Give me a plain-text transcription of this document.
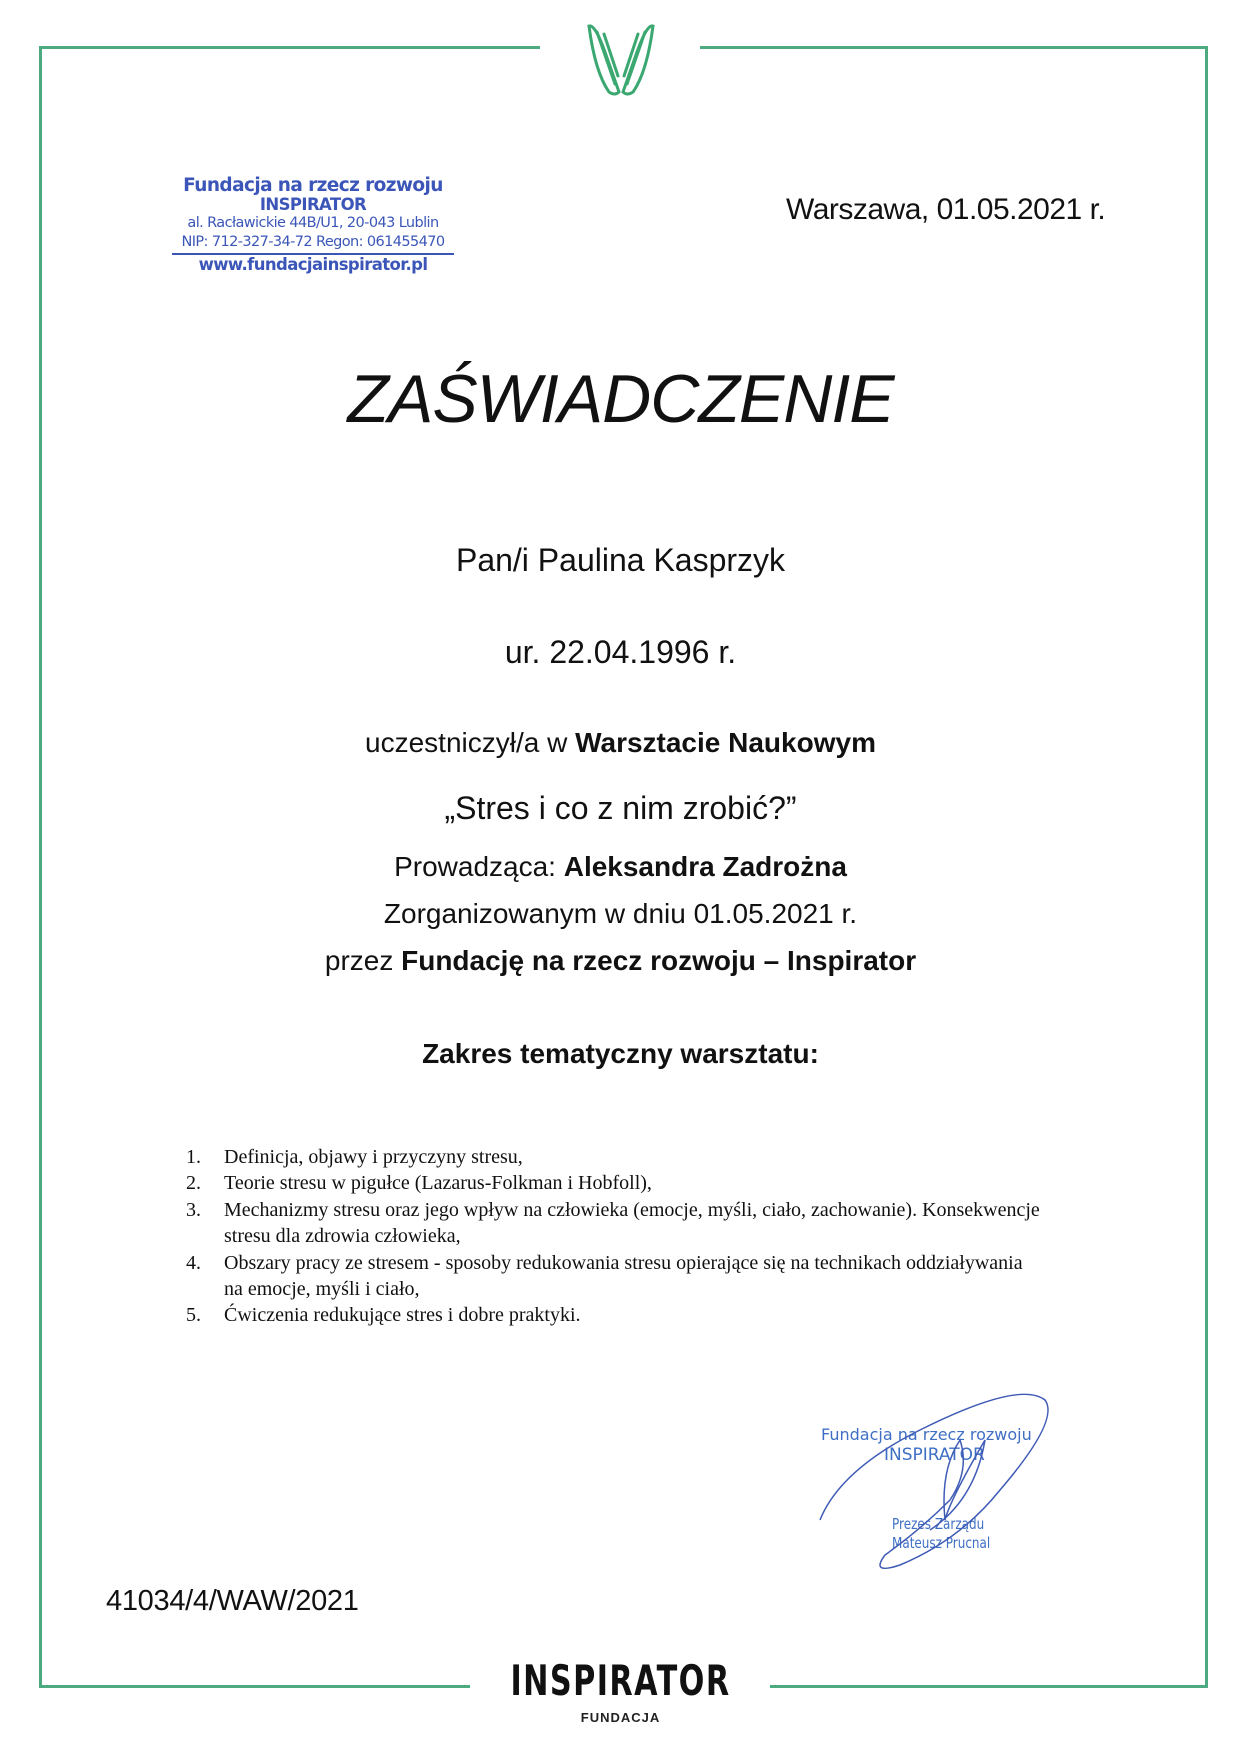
Fundacja na rzecz rozwoju
INSPIRATOR
al. Racławickie 44B/U1, 20-043 Lublin
NIP: 712-327-34-72 Regon: 061455470
www.fundacjainspirator.pl
Warszawa, 01.05.2021 r.
ZAŚWIADCZENIE
Pan/i Paulina Kasprzyk
ur. 22.04.1996 r.
uczestniczył/a w Warsztacie Naukowym
„Stres i co z nim zrobić?”
Prowadząca: Aleksandra Zadrożna
Zorganizowanym w dniu 01.05.2021 r.
przez Fundację na rzecz rozwoju – Inspirator
Zakres tematyczny warsztatu:
1. Definicja, objawy i przyczyny stresu,
2. Teorie stresu w pigułce (Lazarus-Folkman i Hobfoll),
3. Mechanizmy stresu oraz jego wpływ na człowieka (emocje, myśli, ciało, zachowanie). Konsekwencje stresu dla zdrowia człowieka,
4. Obszary pracy ze stresem - sposoby redukowania stresu opierające się na technikach oddziaływania na emocje, myśli i ciało,
5. Ćwiczenia redukujące stres i dobre praktyki.
Fundacja na rzecz rozwoju
INSPIRATOR
Prezes Zarządu
Mateusz Prucnal
41034/4/WAW/2021
INSPIRATOR
FUNDACJA
